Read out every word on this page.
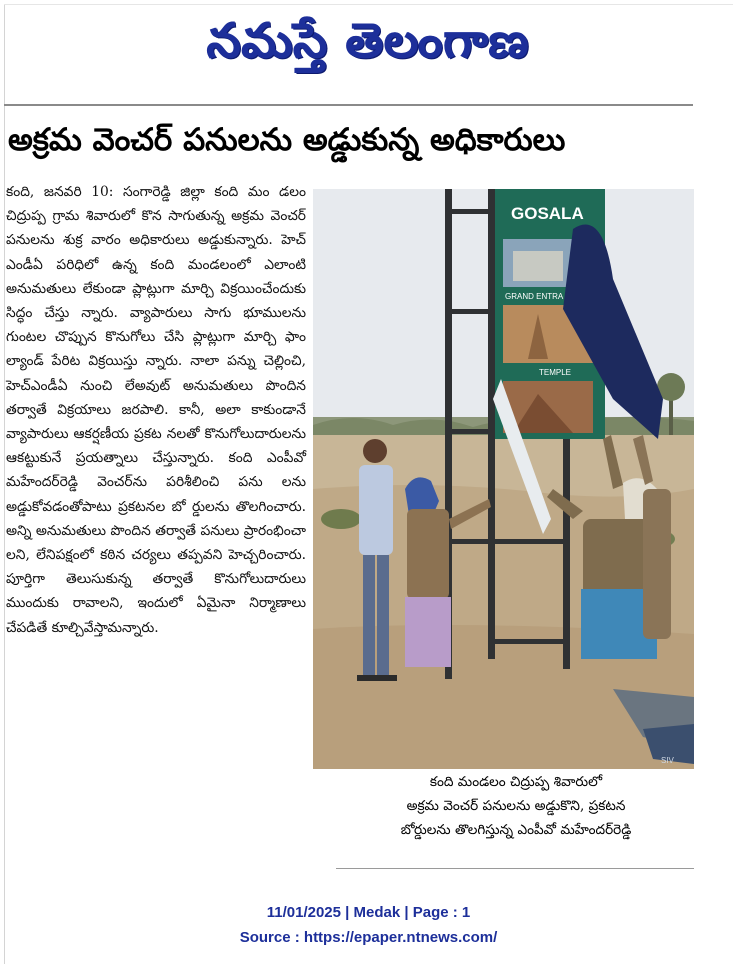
నమస్తే తెలంగాణ
అక్రమ వెంచర్‌ పనులను అడ్డుకున్న అధికారులు

కంది, జనవరి 10: సంగారెడ్డి జిల్లా కంది మం డలం చిద్రుప్ప గ్రామ శివారులో కొన సాగుతున్న అక్రమ వెంచర్‌ పనులను శుక్ర వారం అధికారులు అడ్డుకున్నారు. హెచ్‌ ఎండీఏ పరిధిలో ఉన్న కంది మండలంలో ఎలాంటి అనుమతులు లేకుండా ప్లాట్లుగా మార్చి విక్రయించేందుకు సిద్ధం చేస్తు న్నారు. వ్యాపారులు సాగు భూములను గుంటల చొప్పున కొనుగోలు చేసి ప్లాట్లుగా మార్చి ఫాం ల్యాండ్‌ పేరిట విక్రయిస్తు న్నారు. నాలా పన్ను చెల్లించి, హెచ్‌ఎండీఏ నుంచి లేఅవుట్‌ అనుమతులు పొందిన తర్వాతే విక్రయాలు జరపాలి. కానీ, అలా కాకుండానే వ్యాపారులు ఆకర్షణీయ ప్రకట నలతో కొనుగోలుదారులను ఆకట్టుకునే ప్రయత్నాలు చేస్తున్నారు. కంది ఎంపీవో మహేందర్‌రెడ్డి వెంచర్‌ను పరిశీలించి పను లను అడ్డుకోవడంతోపాటు ప్రకటనల బో ర్డులను తొలగించారు. అన్ని అనుమతులు పొందిన తర్వాతే పనులు ప్రారంభించా లని, లేనిపక్షంలో కఠిన చర్యలు తప్పవని హెచ్చరించారు. పూర్తిగా తెలుసుకున్న తర్వాతే కొనుగోలుదారులు ముందుకు రావాలని, ఇందులో ఏమైనా నిర్మాణాలు చేపడితే కూల్చివేస్తామన్నారు.

GOSALA
GRAND ENTRA
TEMPLE
SIV
కంది మండలం చిద్రుప్ప శివారులో
అక్రమ వెంచర్‌ పనులను అడ్డుకొని, ప్రకటన
బోర్డులను తొలగిస్తున్న ఎంపీవో మహేందర్‌రెడ్డి
11/01/2025 | Medak | Page : 1
Source : https://epaper.ntnews.com/
